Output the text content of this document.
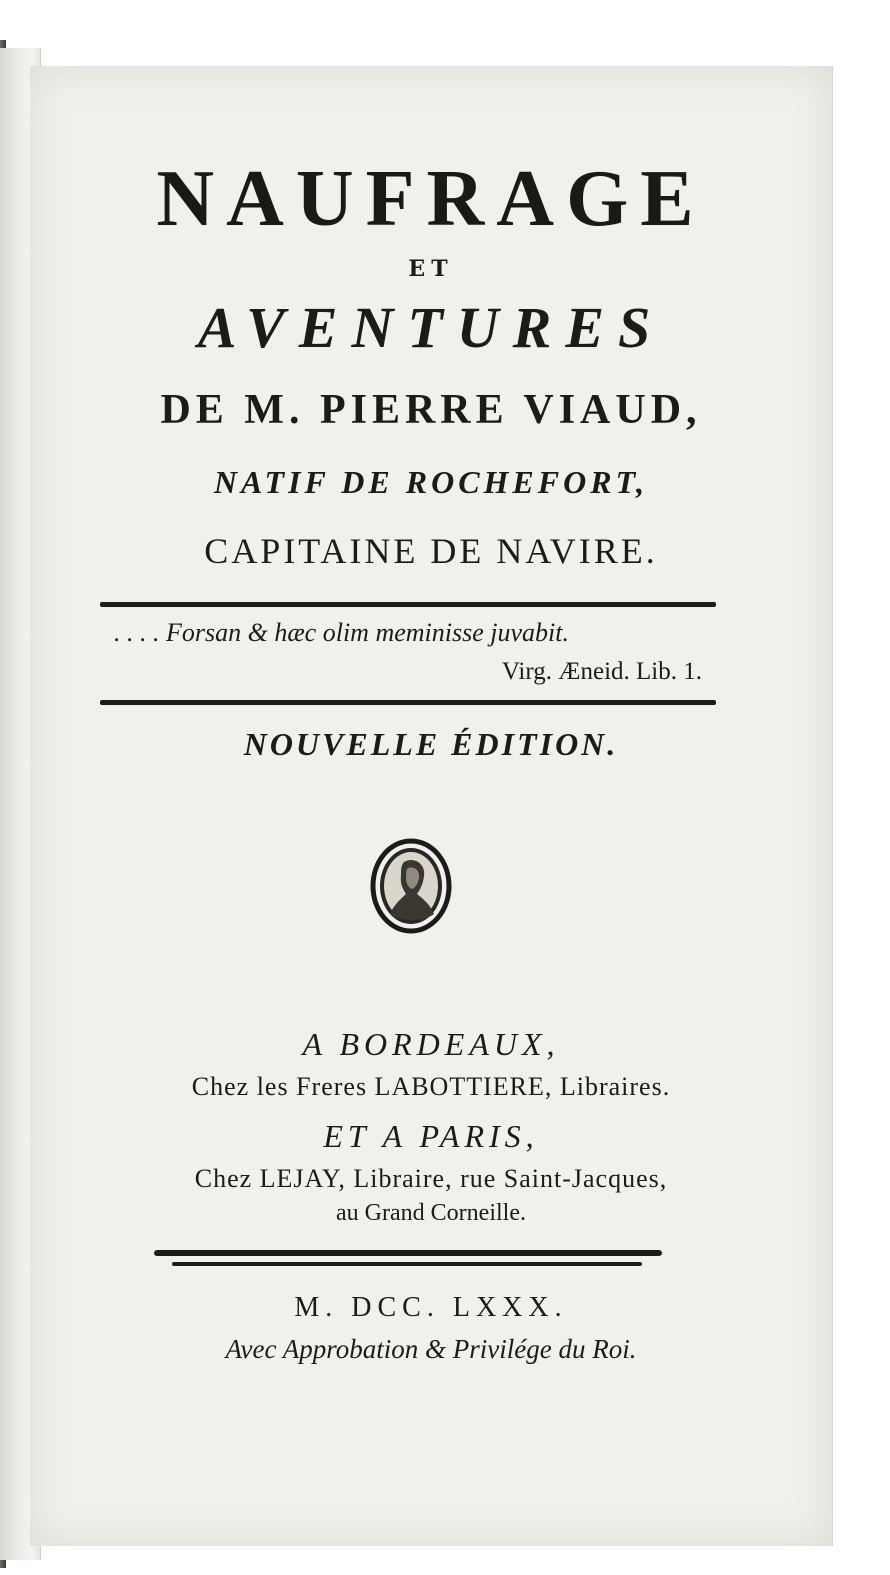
NAUFRAGE
ET
AVENTURES
DE M. PIERRE VIAUD,
NATIF DE ROCHEFORT,
CAPITAINE DE NAVIRE.
. . . . Forsan & hæc olim meminisse juvabit.
Virg. Æneid. Lib. 1.
NOUVELLE ÉDITION.
A BORDEAUX,
Chez les Freres LABOTTIERE, Libraires.
ET A PARIS,
Chez LEJAY, Libraire, rue Saint-Jacques,
au Grand Corneille.
M. DCC. LXXX.
Avec Approbation & Privilége du Roi.
